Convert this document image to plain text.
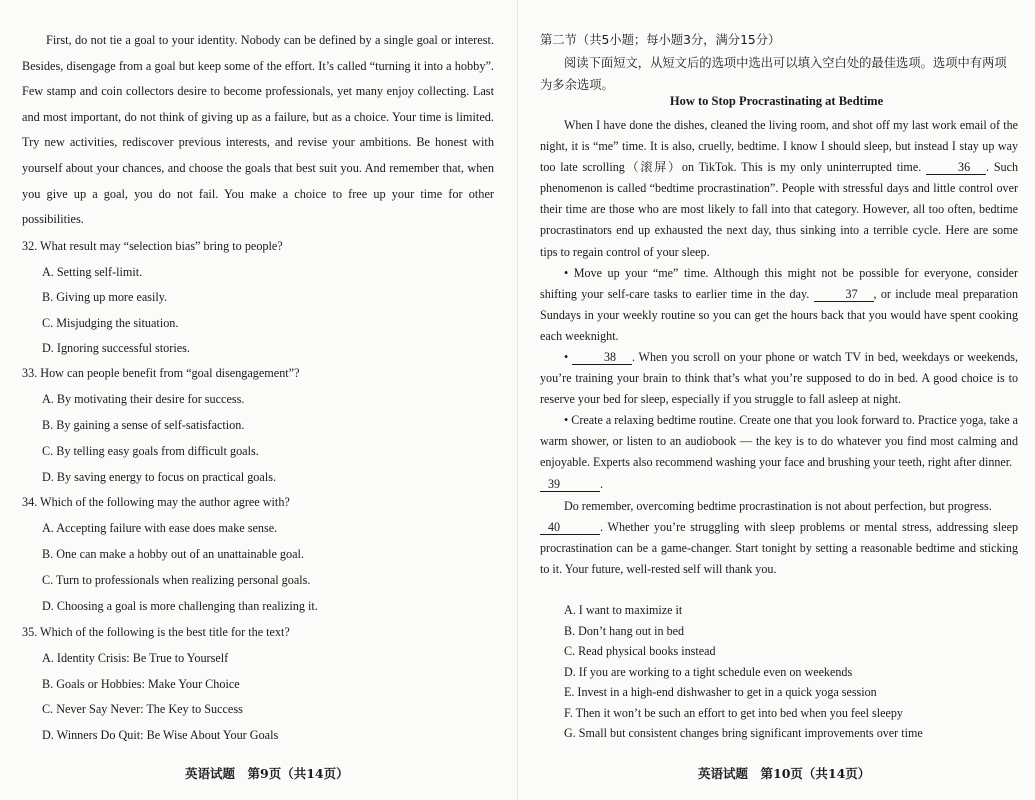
First, do not tie a goal to your identity. Nobody can be defined by a single goal or interest. Besides, disengage from a goal but keep some of the effort. It’s called “turning it into a hobby”. Few stamp and coin collectors desire to become professionals, yet many enjoy collecting. Last and most important, do not think of giving up as a failure, but as a choice. Your time is limited. Try new activities, rediscover previous interests, and revise your ambitions. Be honest with yourself about your chances, and choose the goals that best suit you. And remember that, when you give up a goal, you do not fail. You make a choice to free up your time for other possibilities.
32. What result may “selection bias” bring to people?
A. Setting self-limit.
B. Giving up more easily.
C. Misjudging the situation.
D. Ignoring successful stories.
33. How can people benefit from “goal disengagement”?
A. By motivating their desire for success.
B. By gaining a sense of self-satisfaction.
C. By telling easy goals from difficult goals.
D. By saving energy to focus on practical goals.
34. Which of the following may the author agree with?
A. Accepting failure with ease does make sense.
B. One can make a hobby out of an unattainable goal.
C. Turn to professionals when realizing personal goals.
D. Choosing a goal is more challenging than realizing it.
35. Which of the following is the best title for the text?
A. Identity Crisis: Be True to Yourself
B. Goals or Hobbies: Make Your Choice
C. Never Say Never: The Key to Success
D. Winners Do Quit: Be Wise About Your Goals
英语试题　第9页（共14页）
第二节（共5小题；每小题3分，满分15分）
阅读下面短文，从短文后的选项中选出可以填入空白处的最佳选项。选项中有两项为多余选项。
How to Stop Procrastinating at Bedtime
When I have done the dishes, cleaned the living room, and shot off my last work email of the night, it is “me” time. It is also, cruelly, bedtime. I know I should sleep, but instead I stay up way too late scrolling（滚屏）on TikTok. This is my only uninterrupted time.	36 . Such phenomenon is called “bedtime procrastination”. People with stressful days and little control over their time are those who are most likely to fall into that category. However, all too often, bedtime procrastinators end up exhausted the next day, thus sinking into a terrible cycle. Here are some tips to regain control of your sleep.
• Move up your “me” time. Although this might not be possible for everyone, consider shifting your self-care tasks to earlier time in the day.	37 , or include meal preparation Sundays in your weekly routine so you can get the hours back that you would have spent cooking each weeknight.
•	38 . When you scroll on your phone or watch TV in bed, weekdays or weekends, you’re training your brain to think that’s what you’re supposed to do in bed. A good choice is to reserve your bed for sleep, especially if you struggle to fall asleep at night.
• Create a relaxing bedtime routine. Create one that you look forward to. Practice yoga, take a warm shower, or listen to an audiobook — the key is to do whatever you find most calming and enjoyable. Experts also recommend washing your face and brushing your teeth, right after dinner.
39	.
Do remember, overcoming bedtime procrastination is not about perfection, but progress.
40	. Whether you’re struggling with sleep problems or mental stress, addressing sleep procrastination can be a game-changer. Start tonight by setting a reasonable bedtime and sticking to it. Your future, well-rested self will thank you.
A. I want to maximize it
B. Don’t hang out in bed
C. Read physical books instead
D. If you are working to a tight schedule even on weekends
E. Invest in a high-end dishwasher to get in a quick yoga session
F. Then it won’t be such an effort to get into bed when you feel sleepy
G. Small but consistent changes bring significant improvements over time
英语试题　第10页（共14页）
